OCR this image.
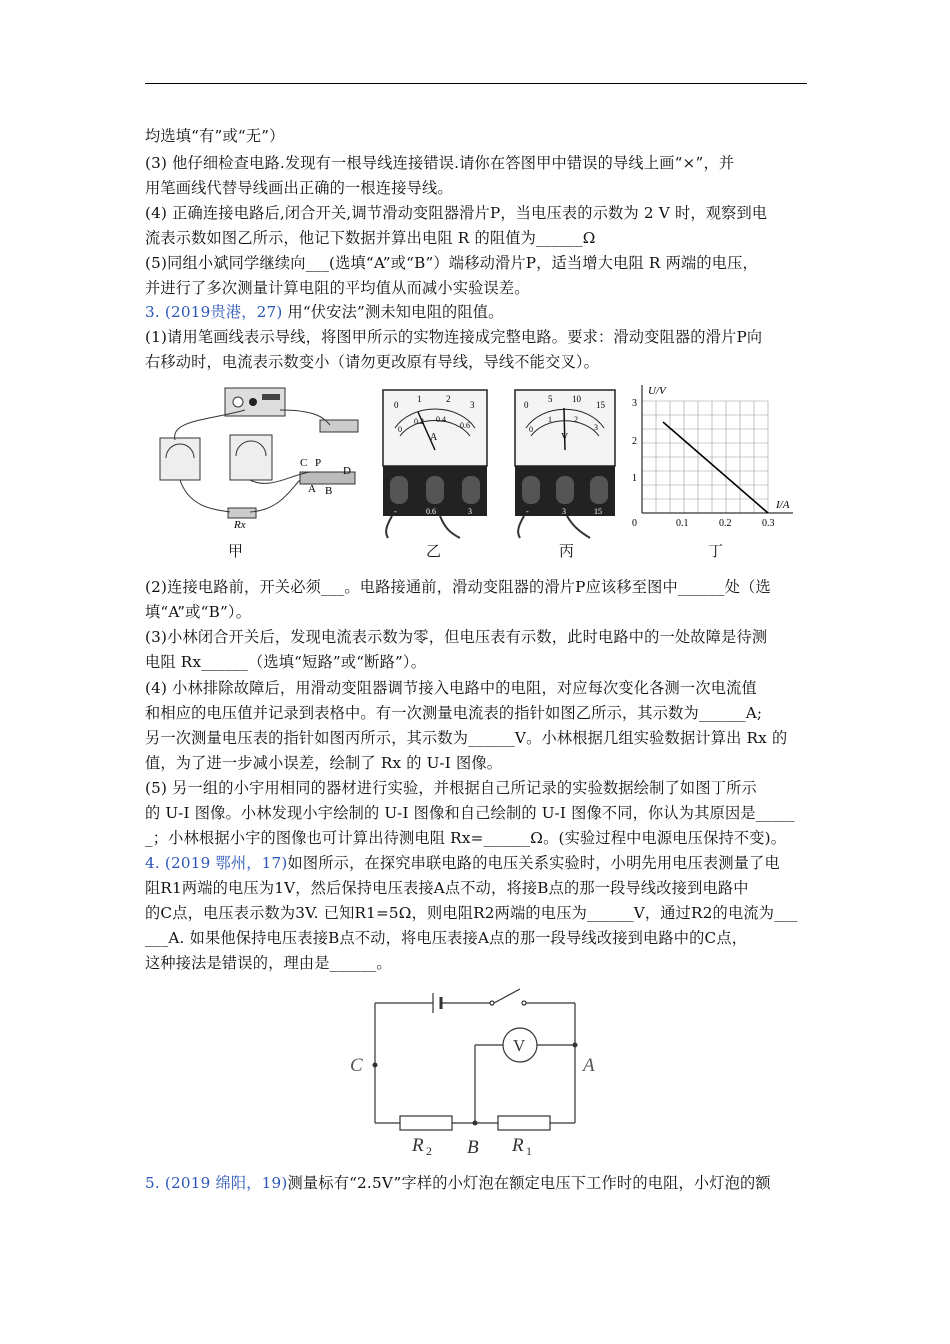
均选填“有”或“无”）
(3) 他仔细检查电路.发现有一根导线连接错误.请你在答图甲中错误的导线上画“×”，并
用笔画线代替导线画出正确的一根连接导线。
(4) 正确连接电路后,闭合开关,调节滑动变阻器滑片P，当电压表的示数为 2 V 时，观察到电
流表示数如图乙所示，他记下数据并算出电阻 R 的阻值为______Ω
(5)同组小斌同学继续向___(选填“A”或“B”）端移动滑片P，适当增大电阻 R 两端的电压，
并进行了多次测量计算电阻的平均值从而减小实验误差。
3. (2019贵港，27) 用“伏安法”测未知电阻的阻值。
(1)请用笔画线表示导线，将图甲所示的实物连接成完整电路。要求：滑动变阻器的滑片P向
右移动时，电流表示数变小（请勿更改原有导线，导线不能交叉）。
C P
D
A B
Rx
0
1	2
3
0
0.2 0.4
0.6
A
-	0.6	3
0
5 10
15
0
1	2
3
V
-	3	15
U/V
I/A
3
2
1
0	0.1	0.2	0.3
甲	乙	丙	丁
(2)连接电路前，开关必须___。电路接通前，滑动变阻器的滑片P应该移至图中______处（选
填“A”或“B”）。
(3)小林闭合开关后，发现电流表示数为零，但电压表有示数，此时电路中的一处故障是待测
电阻 Rx______（选填“短路”或“断路”）。
(4) 小林排除故障后，用滑动变阻器调节接入电路中的电阻，对应每次变化各测一次电流值
和相应的电压值并记录到表格中。有一次测量电流表的指针如图乙所示，其示数为______A;
另一次测量电压表的指针如图丙所示，其示数为______V。小林根据几组实验数据计算出 Rx 的
值，为了进一步减小误差，绘制了 Rx 的 U-I 图像。
(5) 另一组的小宇用相同的器材进行实验，并根据自己所记录的实验数据绘制了如图丁所示
的 U-I 图像。小林发现小宇绘制的 U-I 图像和自己绘制的 U-I 图像不同，你认为其原因是_____
_；小林根据小宇的图像也可计算出待测电阻 Rx=______Ω。(实验过程中电源电压保持不变)。
4. (2019 鄂州，17)如图所示，在探究串联电路的电压关系实验时，小明先用电压表测量了电
阻R1两端的电压为1V，然后保持电压表接A点不动，将接B点的那一段导线改接到电路中
的C点，电压表示数为3V. 已知R1=5Ω，则电阻R2两端的电压为______V，通过R2的电流为___
___A. 如果他保持电压表接B点不动，将电压表接A点的那一段导线改接到电路中的C点，
这种接法是错误的，理由是______。
V
C	A
B
R 2	R 1
5. (2019 绵阳，19)测量标有“2.5V”字样的小灯泡在额定电压下工作时的电阻，小灯泡的额
